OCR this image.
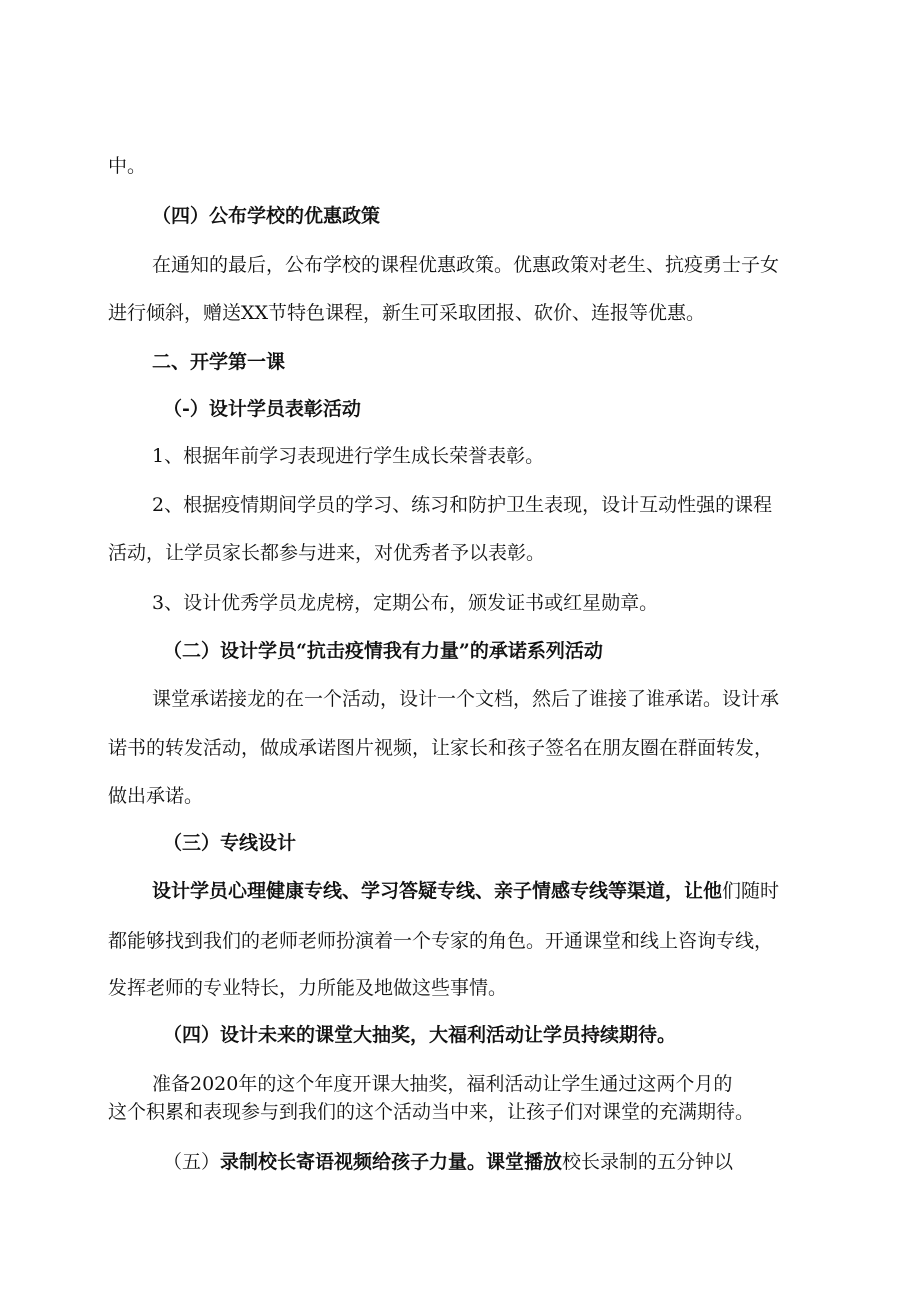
中。
（四）公布学校的优惠政策
在通知的最后，公布学校的课程优惠政策。优惠政策对老生、抗疫勇士子女
进行倾斜，赠送XX节特色课程，新生可采取团报、砍价、连报等优惠。
二、开学第一课
（-）设计学员表彰活动
1、根据年前学习表现进行学生成长荣誉表彰。
2、根据疫情期间学员的学习、练习和防护卫生表现，设计互动性强的课程
活动，让学员家长都参与进来，对优秀者予以表彰。
3、设计优秀学员龙虎榜，定期公布，颁发证书或红星勋章。
（二）设计学员“抗击疫情我有力量”的承诺系列活动
课堂承诺接龙的在一个活动，设计一个文档，然后了谁接了谁承诺。设计承
诺书的转发活动，做成承诺图片视频，让家长和孩子签名在朋友圈在群面转发，
做出承诺。
（三）专线设计
设计学员心理健康专线、学习答疑专线、亲子情感专线等渠道，让他们随时
都能够找到我们的老师老师扮演着一个专家的角色。开通课堂和线上咨询专线，
发挥老师的专业特长，力所能及地做这些事情。
（四）设计未来的课堂大抽奖，大福利活动让学员持续期待。
准备2020年的这个年度开课大抽奖，福利活动让学生通过这两个月的
这个积累和表现参与到我们的这个活动当中来，让孩子们对课堂的充满期待。
（五）录制校长寄语视频给孩子力量。课堂播放校长录制的五分钟以
